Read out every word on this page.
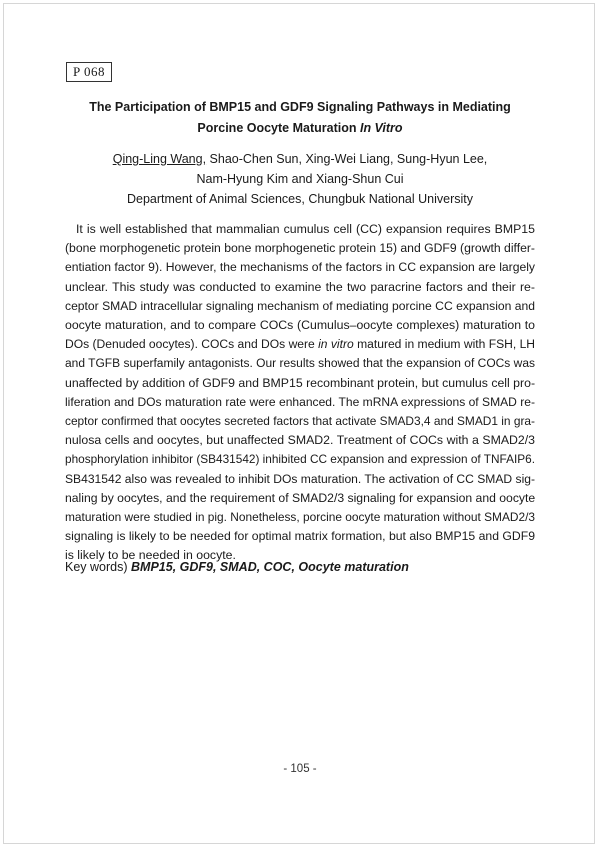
P 068
The Participation of BMP15 and GDF9 Signaling Pathways in Mediating
Porcine Oocyte Maturation In Vitro
Qing-Ling Wang, Shao-Chen Sun, Xing-Wei Liang, Sung-Hyun Lee,
Nam-Hyung Kim and Xiang-Shun Cui
Department of Animal Sciences, Chungbuk National University
It is well established that mammalian cumulus cell (CC) expansion requires BMP15
(bone morphogenetic protein bone morphogenetic protein 15) and GDF9 (growth differ-
entiation factor 9). However, the mechanisms of the factors in CC expansion are largely
unclear. This study was conducted to examine the two paracrine factors and their re-
ceptor SMAD intracellular signaling mechanism of mediating porcine CC expansion and
oocyte maturation, and to compare COCs (Cumulus–oocyte complexes) maturation to
DOs (Denuded oocytes). COCs and DOs were in vitro matured in medium with FSH, LH
and TGFB superfamily antagonists. Our results showed that the expansion of COCs was
unaffected by addition of GDF9 and BMP15 recombinant protein, but cumulus cell pro-
liferation and DOs maturation rate were enhanced. The mRNA expressions of SMAD re-
ceptor confirmed that oocytes secreted factors that activate SMAD3,4 and SMAD1 in gra-
nulosa cells and oocytes, but unaffected SMAD2. Treatment of COCs with a SMAD2/3
phosphorylation inhibitor (SB431542) inhibited CC expansion and expression of TNFAIP6.
SB431542 also was revealed to inhibit DOs maturation. The activation of CC SMAD sig-
naling by oocytes, and the requirement of SMAD2/3 signaling for expansion and oocyte
maturation were studied in pig. Nonetheless, porcine oocyte maturation without SMAD2/3
signaling is likely to be needed for optimal matrix formation, but also BMP15 and GDF9
is likely to be needed in oocyte.
Key words) BMP15, GDF9, SMAD, COC, Oocyte maturation
- 105 -
